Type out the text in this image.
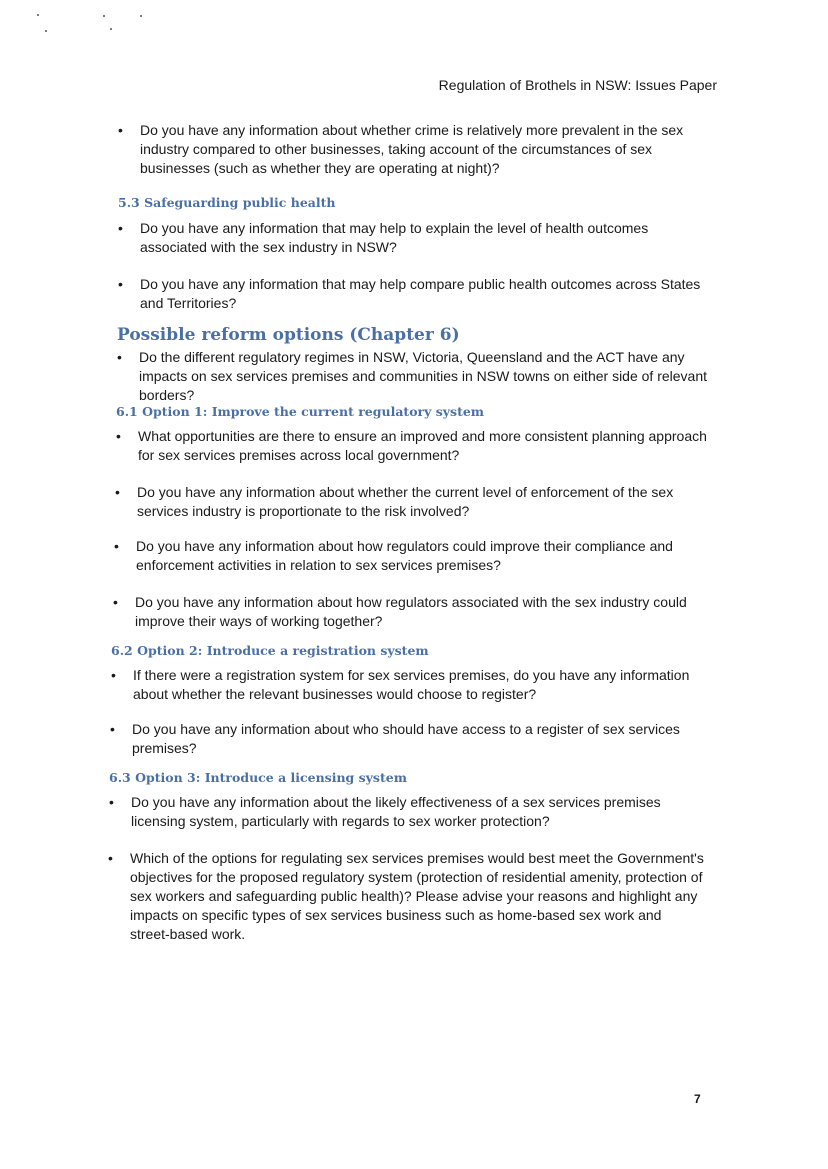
Regulation of Brothels in NSW: Issues Paper
• Do you have any information about whether crime is relatively more prevalent in the sex industry compared to other businesses, taking account of the circumstances of sex businesses (such as whether they are operating at night)?
5.3 Safeguarding public health
• Do you have any information that may help to explain the level of health outcomes associated with the sex industry in NSW?
• Do you have any information that may help compare public health outcomes across States and Territories?
Possible reform options (Chapter 6)
• Do the different regulatory regimes in NSW, Victoria, Queensland and the ACT have any impacts on sex services premises and communities in NSW towns on either side of relevant borders?
6.1 Option 1: Improve the current regulatory system
• What opportunities are there to ensure an improved and more consistent planning approach for sex services premises across local government?
• Do you have any information about whether the current level of enforcement of the sex services industry is proportionate to the risk involved?
• Do you have any information about how regulators could improve their compliance and enforcement activities in relation to sex services premises?
• Do you have any information about how regulators associated with the sex industry could improve their ways of working together?
6.2 Option 2: Introduce a registration system
• If there were a registration system for sex services premises, do you have any information about whether the relevant businesses would choose to register?
• Do you have any information about who should have access to a register of sex services premises?
6.3 Option 3: Introduce a licensing system
• Do you have any information about the likely effectiveness of a sex services premises licensing system, particularly with regards to sex worker protection?
• Which of the options for regulating sex services premises would best meet the Government's objectives for the proposed regulatory system (protection of residential amenity, protection of sex workers and safeguarding public health)? Please advise your reasons and highlight any impacts on specific types of sex services business such as home-based sex work and street-based work.
7
